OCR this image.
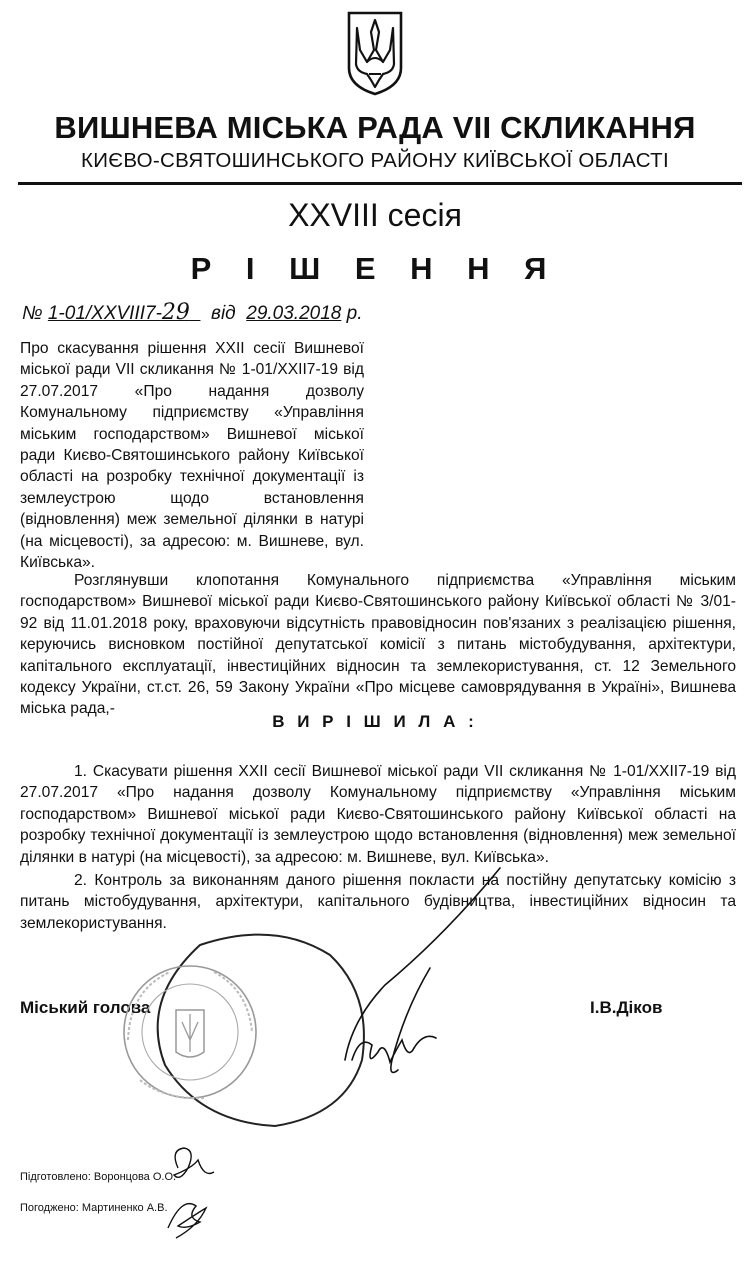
ВИШНЕВА МІСЬКА РАДА VII СКЛИКАННЯ
КИЄВО-СВЯТОШИНСЬКОГО РАЙОНУ КИЇВСЬКОЇ ОБЛАСТІ
XXVIII сесія
Р І Ш Е Н Н Я
№ 1-01/XXVIII7-29 від 29.03.2018 р.
Про скасування рішення XXII сесії Вишневої міської ради VII скликання № 1-01/XXII7-19 від 27.07.2017 «Про надання дозволу Комунальному підприємству «Управління міським господарством» Вишневої міської ради Києво-Святошинського району Київської області на розробку технічної документації із землеустрою щодо встановлення (відновлення) меж земельної ділянки в натурі (на місцевості), за адресою: м. Вишневе, вул. Київська».
Розглянувши клопотання Комунального підприємства «Управління міським господарством» Вишневої міської ради Києво-Святошинського району Київської області № 3/01-92 від 11.01.2018 року, враховуючи відсутність правовідносин пов'язаних з реалізацією рішення, керуючись висновком постійної депутатської комісії з питань містобудування, архітектури, капітального експлуатації, інвестиційних відносин та землекористування, ст. 12 Земельного кодексу України, ст.ст. 26, 59 Закону України «Про місцеве самоврядування в Україні», Вишнева міська рада,-
В И Р І Ш И Л А :
1. Скасувати рішення XXII сесії Вишневої міської ради VII скликання № 1-01/XXII7-19 від 27.07.2017 «Про надання дозволу Комунальному підприємству «Управління міським господарством» Вишневої міської ради Києво-Святошинського району Київської області на розробку технічної документації із землеустрою щодо встановлення (відновлення) меж земельної ділянки в натурі (на місцевості), за адресою: м. Вишневе, вул. Київська».
2. Контроль за виконанням даного рішення покласти на постійну депутатську комісію з питань містобудування, архітектури, капітального будівництва, інвестиційних відносин та землекористування.
Міський голова	І.В.Діков
Підготовлено: Воронцова О.О.
Погоджено: Мартиненко А.В.
